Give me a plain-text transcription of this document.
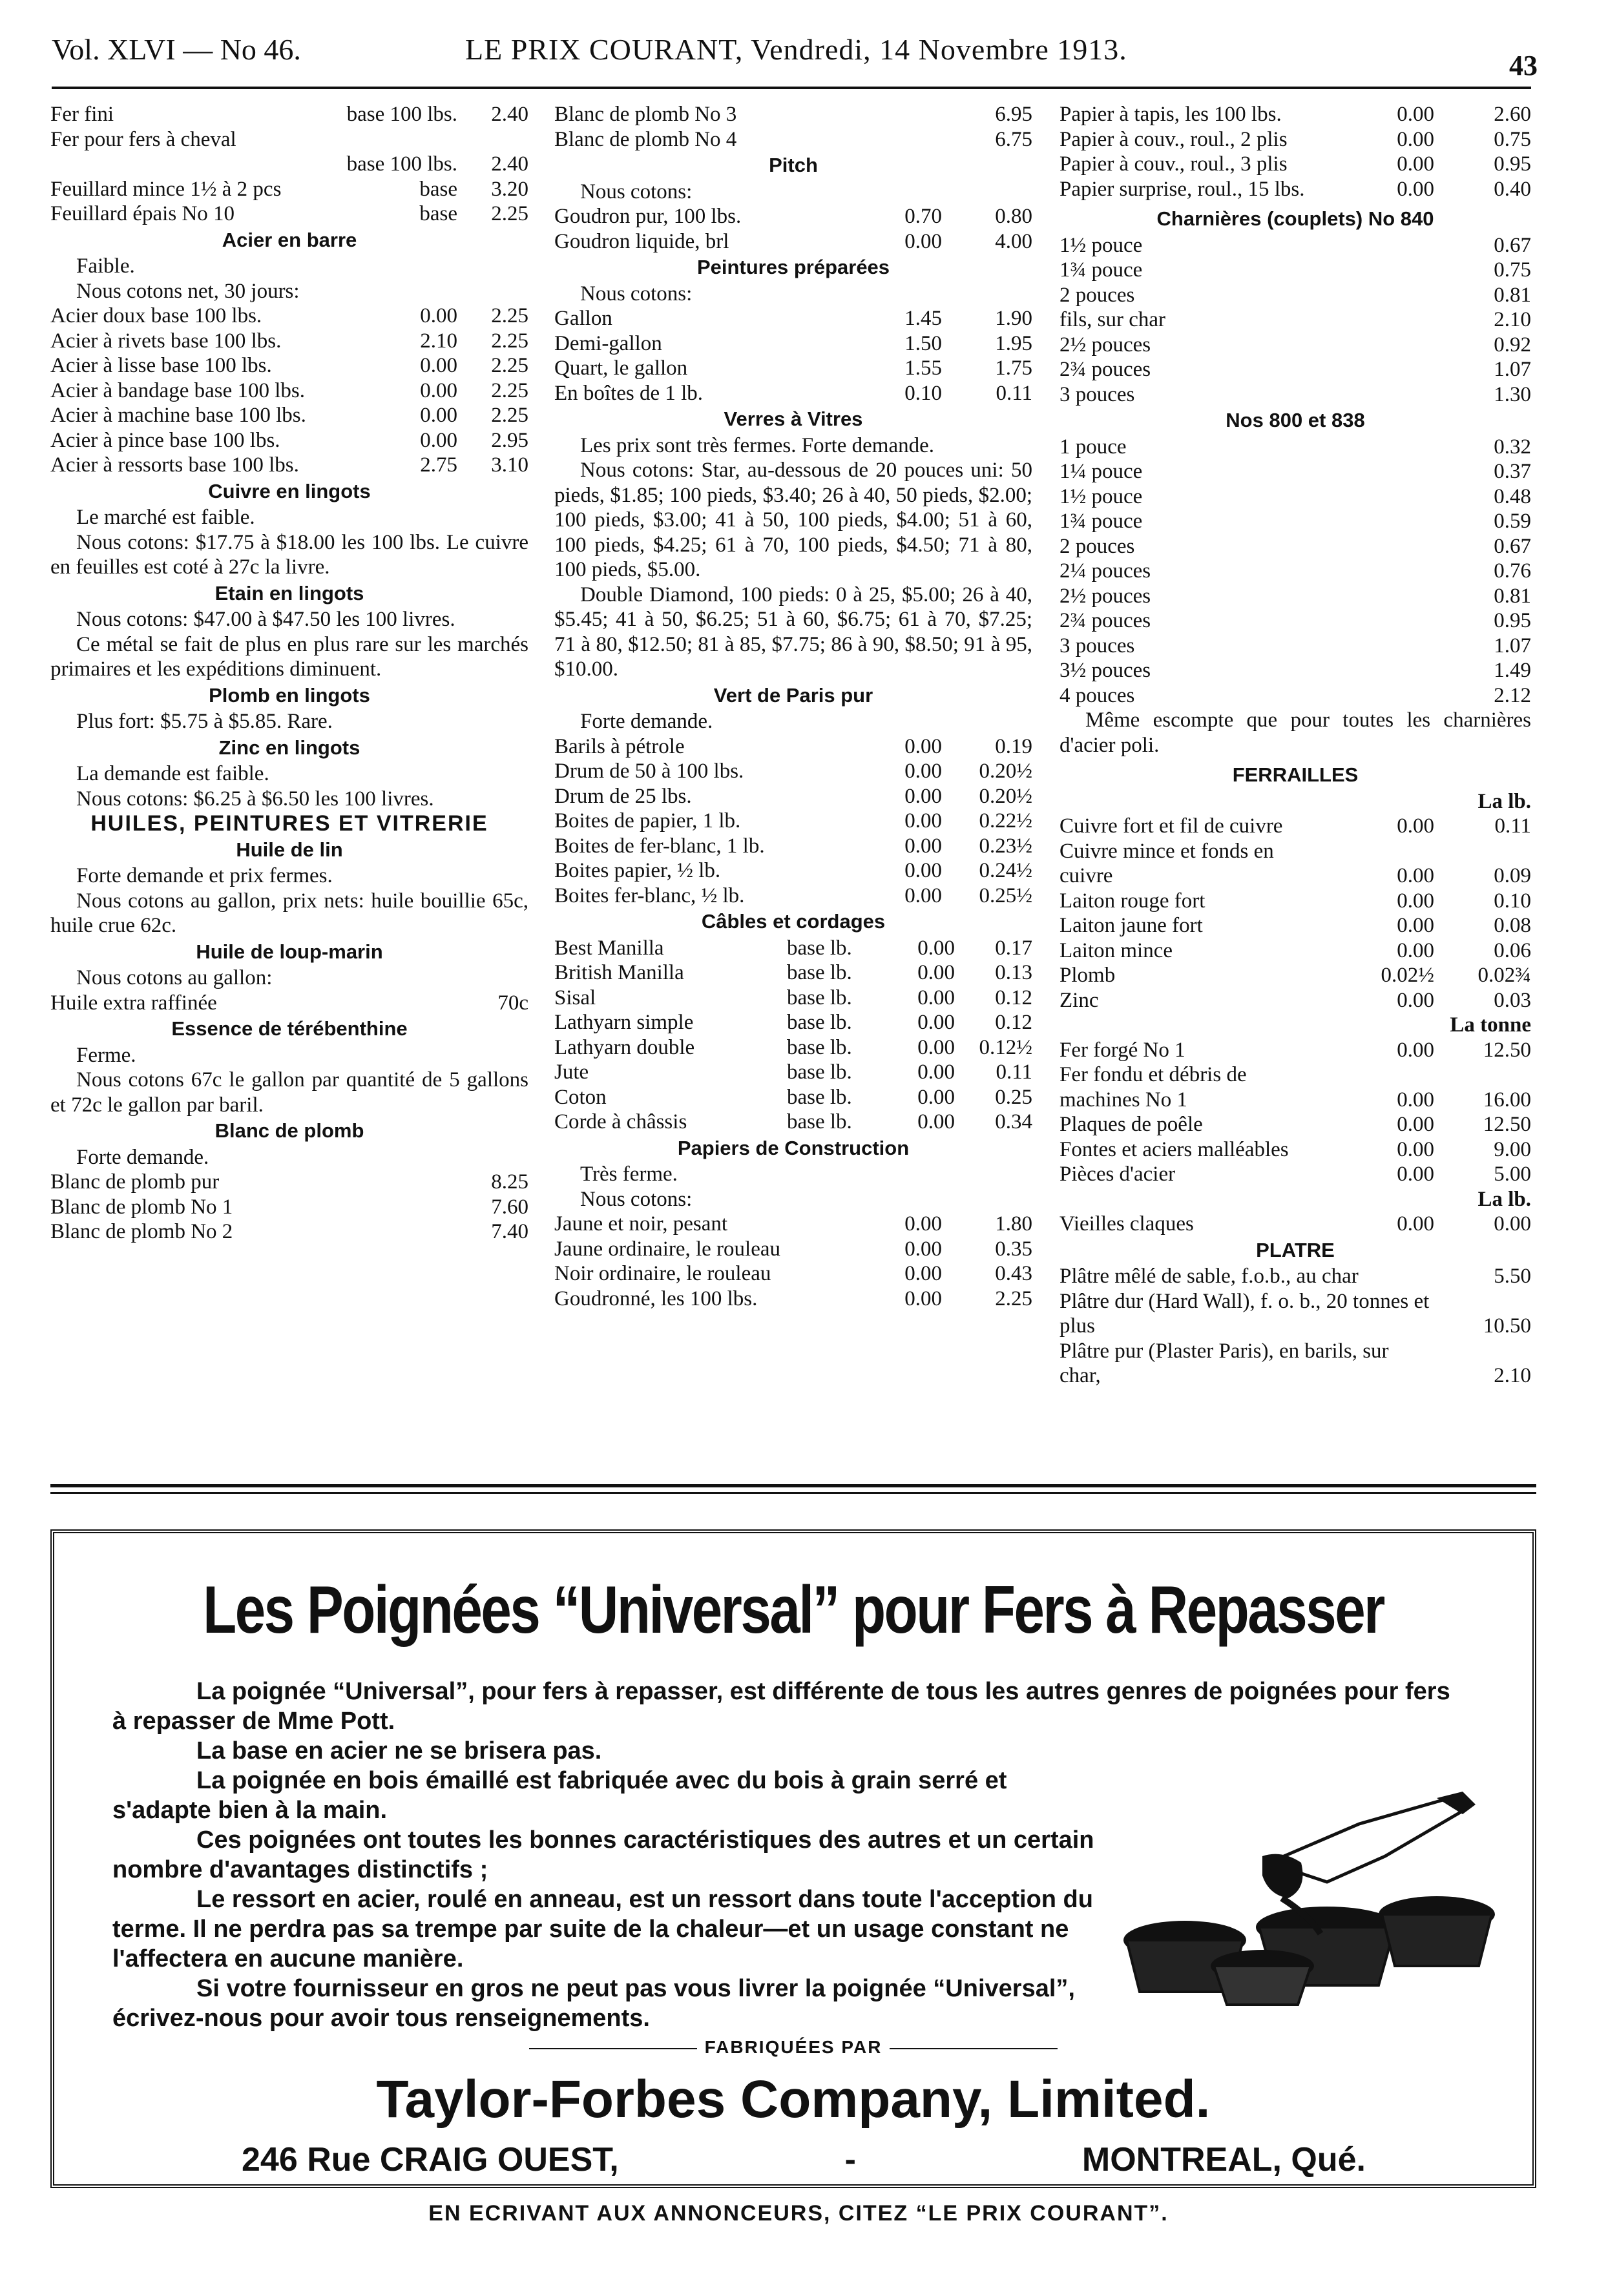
Vol. XLVI — No 46.	LE PRIX COURANT, Vendredi, 14 Novembre 1913.	43
Fer fini	base 100 lbs.	2.40
Fer pour fers à cheval
base 100 lbs.	2.40
Feuillard mince 1½ à 2 pcs	base	3.20
Feuillard épais No 10	base	2.25
Acier en barre
Faible.
Nous cotons net, 30 jours:
Acier doux base 100 lbs.	0.00	2.25
Acier à rivets base 100 lbs.	2.10	2.25
Acier à lisse base 100 lbs.	0.00	2.25
Acier à bandage base 100 lbs.	0.00	2.25
Acier à machine base 100 lbs.	0.00	2.25
Acier à pince base 100 lbs.	0.00	2.95
Acier à ressorts base 100 lbs.	2.75	3.10
Cuivre en lingots
Le marché est faible.
Nous cotons: $17.75 à $18.00 les 100 lbs. Le cuivre en feuilles est coté à 27c la livre.
Etain en lingots
Nous cotons: $47.00 à $47.50 les 100 livres.
Ce métal se fait de plus en plus rare sur les marchés primaires et les expéditions diminuent.
Plomb en lingots
Plus fort: $5.75 à $5.85. Rare.
Zinc en lingots
La demande est faible.
Nous cotons: $6.25 à $6.50 les 100 livres.
HUILES, PEINTURES ET VITRERIE
Huile de lin
Forte demande et prix fermes.
Nous cotons au gallon, prix nets: huile bouillie 65c, huile crue 62c.
Huile de loup-marin
Nous cotons au gallon:
Huile extra raffinée	70c
Essence de térébenthine
Ferme.
Nous cotons 67c le gallon par quantité de 5 gallons et 72c le gallon par baril.
Blanc de plomb
Forte demande.
Blanc de plomb pur	8.25
Blanc de plomb No 1	7.60
Blanc de plomb No 2	7.40
Blanc de plomb No 3	6.95
Blanc de plomb No 4	6.75
Pitch
Nous cotons:
Goudron pur, 100 lbs.	0.70	0.80
Goudron liquide, brl	0.00	4.00
Peintures préparées
Nous cotons:
Gallon	1.45	1.90
Demi-gallon	1.50	1.95
Quart, le gallon	1.55	1.75
En boîtes de 1 lb.	0.10	0.11
Verres à Vitres
Les prix sont très fermes. Forte demande.
Nous cotons: Star, au-dessous de 20 pouces uni: 50 pieds, $1.85; 100 pieds, $3.40; 26 à 40, 50 pieds, $2.00; 100 pieds, $3.00; 41 à 50, 100 pieds, $4.00; 51 à 60, 100 pieds, $4.25; 61 à 70, 100 pieds, $4.50; 71 à 80, 100 pieds, $5.00.
Double Diamond, 100 pieds: 0 à 25, $5.00; 26 à 40, $5.45; 41 à 50, $6.25; 51 à 60, $6.75; 61 à 70, $7.25; 71 à 80, $12.50; 81 à 85, $7.75; 86 à 90, $8.50; 91 à 95, $10.00.
Vert de Paris pur
Forte demande.
Barils à pétrole	0.00	0.19
Drum de 50 à 100 lbs.	0.00	0.20½
Drum de 25 lbs.	0.00	0.20½
Boites de papier, 1 lb.	0.00	0.22½
Boites de fer-blanc, 1 lb.	0.00	0.23½
Boites papier, ½ lb.	0.00	0.24½
Boites fer-blanc, ½ lb.	0.00	0.25½
Câbles et cordages
Best Manilla	base lb.	0.00	0.17
British Manilla	base lb.	0.00	0.13
Sisal	base lb.	0.00	0.12
Lathyarn simple	base lb.	0.00	0.12
Lathyarn double	base lb.	0.00	0.12½
Jute	base lb.	0.00	0.11
Coton	base lb.	0.00	0.25
Corde à châssis	base lb.	0.00	0.34
Papiers de Construction
Très ferme.
Nous cotons:
Jaune et noir, pesant	0.00	1.80
Jaune ordinaire, le rouleau	0.00	0.35
Noir ordinaire, le rouleau	0.00	0.43
Goudronné, les 100 lbs.	0.00	2.25
Papier à tapis, les 100 lbs.	0.00	2.60
Papier à couv., roul., 2 plis	0.00	0.75
Papier à couv., roul., 3 plis	0.00	0.95
Papier surprise, roul., 15 lbs.	0.00	0.40
Charnières (couplets) No 840
1½ pouce	0.67
1¾ pouce	0.75
2 pouces	0.81
fils, sur char	2.10
2½ pouces	0.92
2¾ pouces	1.07
3 pouces	1.30
Nos 800 et 838
1 pouce	0.32
1¼ pouce	0.37
1½ pouce	0.48
1¾ pouce	0.59
2 pouces	0.67
2¼ pouces	0.76
2½ pouces	0.81
2¾ pouces	0.95
3 pouces	1.07
3½ pouces	1.49
4 pouces	2.12
Même escompte que pour toutes les charnières d'acier poli.
FERRAILLES
La lb.
Cuivre fort et fil de cuivre	0.00	0.11
Cuivre mince et fonds en
cuivre	0.00	0.09
Laiton rouge fort	0.00	0.10
Laiton jaune fort	0.00	0.08
Laiton mince	0.00	0.06
Plomb	0.02½	0.02¾
Zinc	0.00	0.03
La tonne
Fer forgé No 1	0.00	12.50
Fer fondu et débris de
machines No 1	0.00	16.00
Plaques de poêle	0.00	12.50
Fontes et aciers malléables	0.00	9.00
Pièces d'acier	0.00	5.00
La lb.
Vieilles claques	0.00	0.00
PLATRE
Plâtre mêlé de sable, f.o.b., au char	5.50
Plâtre dur (Hard Wall), f. o. b., 20 tonnes et plus	10.50
Plâtre pur (Plaster Paris), en barils, sur char,	2.10
Les Poignées “Universal” pour Fers à Repasser

La poignée “Universal”, pour fers à repasser, est différente de tous les autres genres de poignées pour fers à repasser de Mme Pott.

La base en acier ne se brisera pas.

La poignée en bois émaillé est fabriquée avec du bois à grain serré et s'adapte bien à la main.

Ces poignées ont toutes les bonnes caractéristiques des autres et un certain nombre d'avantages distinctifs ;

Le ressort en acier, roulé en anneau, est un ressort dans toute l'acception du terme. Il ne perdra pas sa trempe par suite de la chaleur—et un usage constant ne l'affectera en aucune manière.

Si votre fournisseur en gros ne peut pas vous livrer la poignée “Universal”, écrivez-nous pour avoir tous renseignements.

FABRIQUÉES PAR
Taylor-Forbes Company, Limited.
246 Rue CRAIG OUEST,	-	MONTREAL, Qué.
EN ECRIVANT AUX ANNONCEURS, CITEZ “LE PRIX COURANT”.
